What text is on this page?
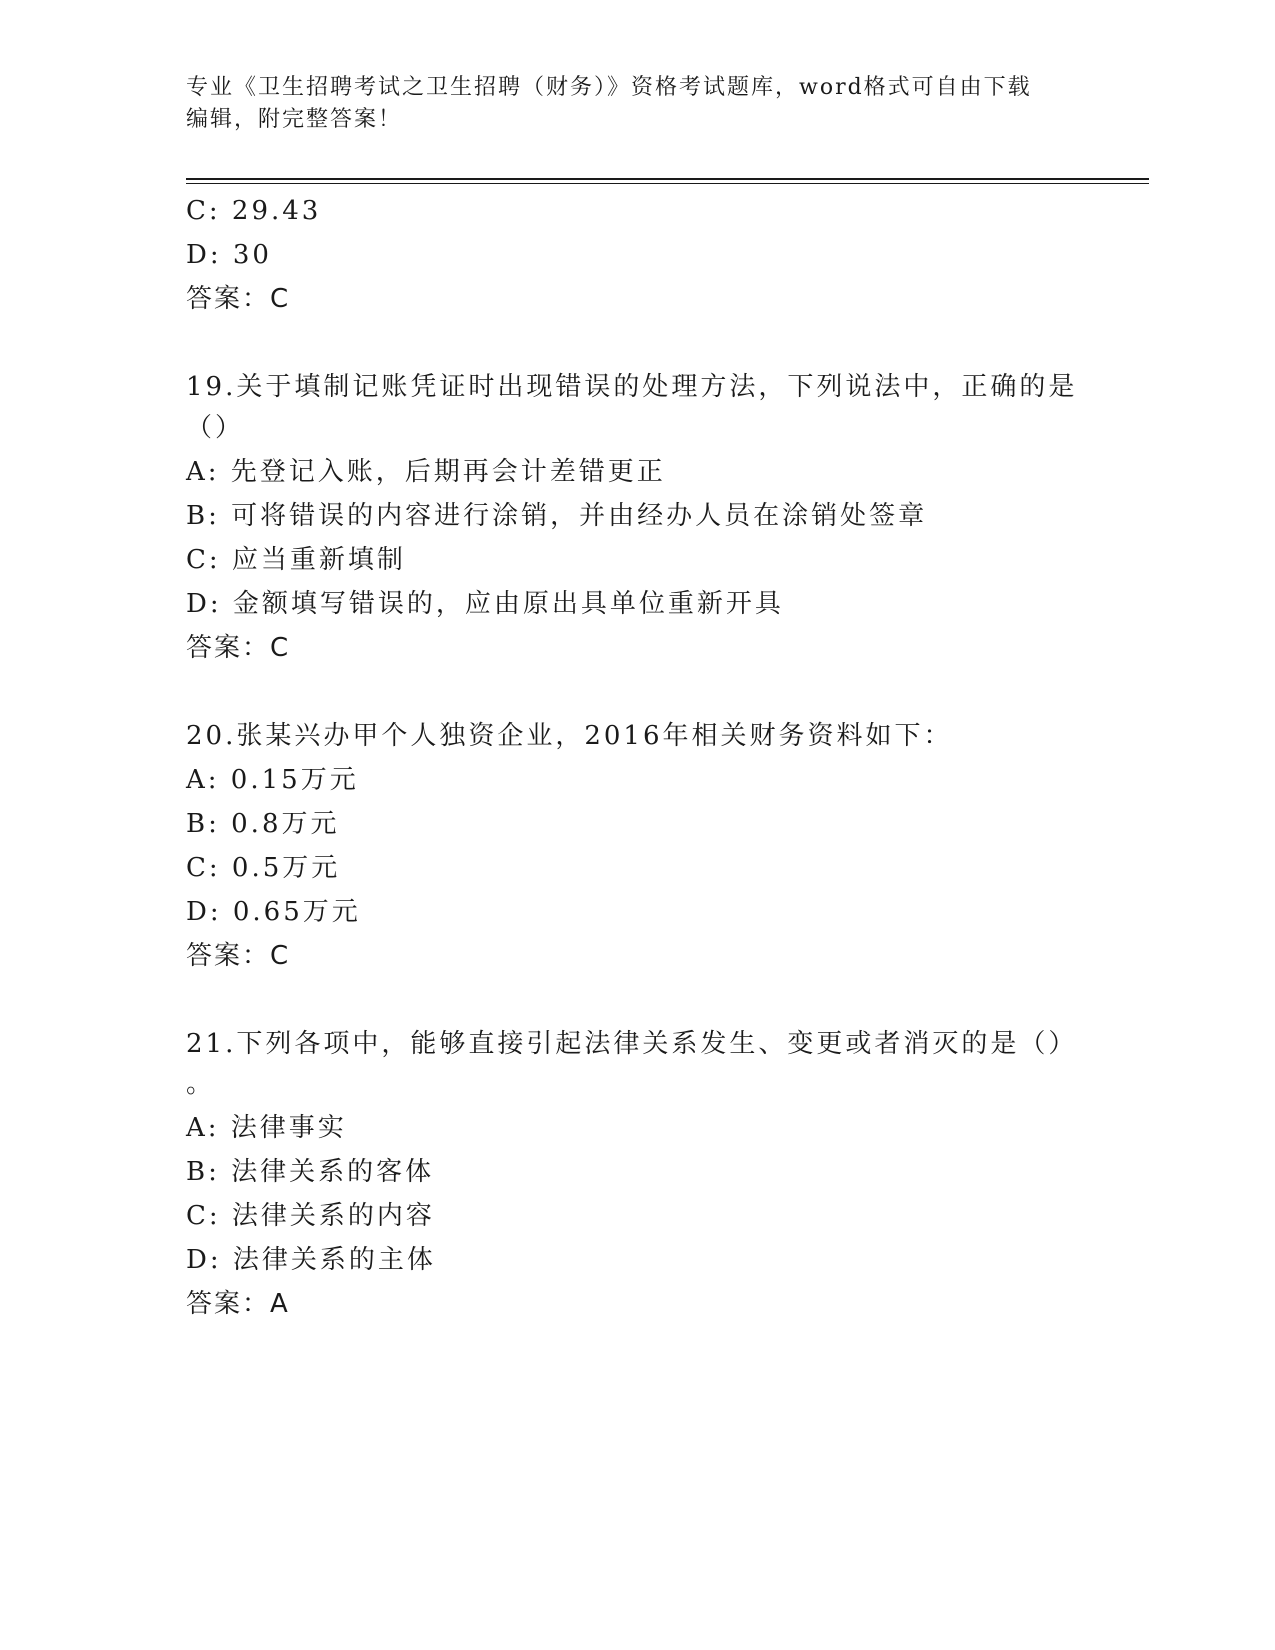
专业《卫生招聘考试之卫生招聘（财务）》资格考试题库，word格式可自由下载
编辑，附完整答案！
C: 29.43
D: 30
答案：C
19.关于填制记账凭证时出现错误的处理方法，下列说法中，正确的是
（）
A: 先登记入账，后期再会计差错更正
B: 可将错误的内容进行涂销，并由经办人员在涂销处签章
C: 应当重新填制
D: 金额填写错误的，应由原出具单位重新开具
答案：C
20.张某兴办甲个人独资企业，2016年相关财务资料如下：
A: 0.15万元
B: 0.8万元
C: 0.5万元
D: 0.65万元
答案：C
21.下列各项中，能够直接引起法律关系发生、变更或者消灭的是（）
。
A: 法律事实
B: 法律关系的客体
C: 法律关系的内容
D: 法律关系的主体
答案：A
